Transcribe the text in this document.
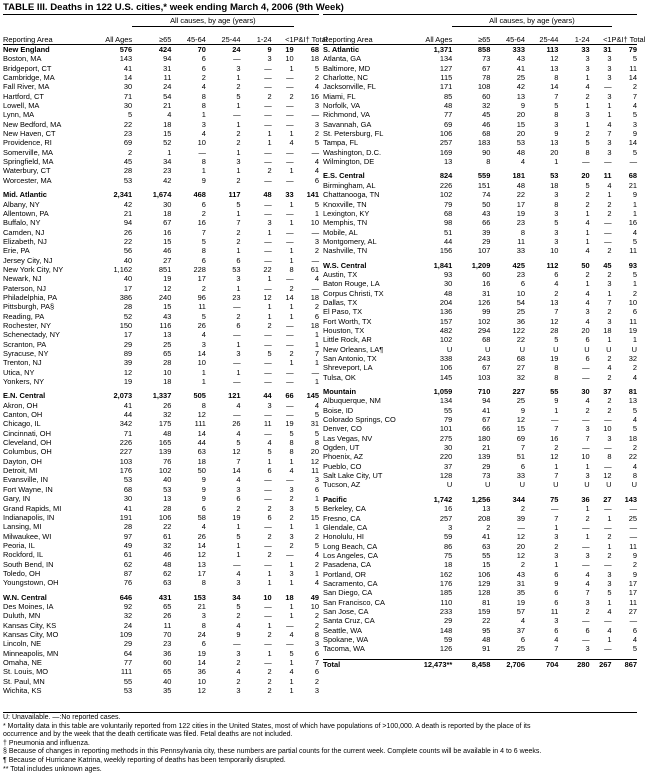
TABLE III. Deaths in 122 U.S. cities,* week ending March 4, 2006 (9th Week)
		All causes, by age (years)					
Reporting Area	All Ages	≥65	45-64	25-44	1-24	<1	P&I† Total
New England	576	424	70	24	9	19	68
Boston, MA	143	94	6	—	3	10	18
Bridgeport, CT	41	31	6	3	—	1	5
Cambridge, MA	14	11	2	1	—	—	2
Fall River, MA	30	24	4	2	—	—	4
Hartford, CT	71	54	8	5	2	2	16
Lowell, MA	30	21	8	1	—	—	3
Lynn, MA	5	4	1	—	—	—	—
New Bedford, MA	22	18	3	1	—	—	3
New Haven, CT	23	15	4	2	1	1	2
Providence, RI	69	52	10	2	1	4	5
Somerville, MA	2	1	—	1	—	—	—
Springfield, MA	45	34	8	3	—	—	4
Waterbury, CT	28	23	1	1	2	1	4
Worcester, MA	53	42	9	2	—	—	6

Mid. Atlantic	2,341	1,674	468	117	48	33	141
Albany, NY	42	30	6	5	—	1	5
Allentown, PA	21	18	2	1	—	—	1
Buffalo, NY	94	67	16	7	3	1	10
Camden, NJ	26	16	7	2	1	—	—
Elizabeth, NJ	22	15	5	2	—	—	3
Erie, PA	56	46	8	1	—	1	2
Jersey City, NJ	40	27	6	6	—	1	—
New York City, NY	1,162	851	228	53	22	8	61
Newark, NJ	40	19	17	3	1	—	4
Paterson, NJ	17	12	2	1	—	2	—
Philadelphia, PA	386	240	96	23	12	14	18
Pittsburgh, PA§	28	15	11	—	1	1	2
Reading, PA	52	43	5	2	1	1	6
Rochester, NY	150	116	26	6	2	—	18
Schenectady, NY	17	13	4	—	—	—	1
Scranton, PA	29	25	3	1	—	—	1
Syracuse, NY	89	65	14	3	5	2	7
Trenton, NJ	39	28	10	—	—	1	1
Utica, NY	12	10	1	1	—	—	—
Yonkers, NY	19	18	1	—	—	—	1

E.N. Central	2,073	1,337	505	121	44	66	145
Akron, OH	41	26	8	4	3	—	4
Canton, OH	44	32	12	—	—	—	5
Chicago, IL	342	175	111	26	11	19	31
Cincinnati, OH	71	48	14	4	—	5	5
Cleveland, OH	226	165	44	5	4	8	8
Columbus, OH	227	139	63	12	5	8	20
Dayton, OH	103	76	18	7	1	1	12
Detroit, MI	176	102	50	14	6	4	11
Evansville, IN	53	40	9	4	—	—	3
Fort Wayne, IN	68	53	9	3	—	3	6
Gary, IN	30	13	9	6	—	2	1
Grand Rapids, MI	41	28	6	2	2	3	5
Indianapolis, IN	191	106	58	19	6	2	15
Lansing, MI	28	22	4	1	—	1	1
Milwaukee, WI	97	61	26	5	2	3	2
Peoria, IL	49	32	14	1	—	2	5
Rockford, IL	61	46	12	1	2	—	4
South Bend, IN	62	48	13	—	—	1	2
Toledo, OH	87	62	17	4	1	3	1
Youngstown, OH	76	63	8	3	1	1	4

W.N. Central	646	431	153	34	10	18	49
Des Moines, IA	92	65	21	5	—	1	10
Duluth, MN	32	26	3	2	—	1	2
Kansas City, KS	24	11	8	4	1	—	2
Kansas City, MO	109	70	24	9	2	4	8
Lincoln, NE	29	23	6	—	—	—	3
Minneapolis, MN	64	36	19	3	1	5	6
Omaha, NE	77	60	14	2	—	1	7
St. Louis, MO	111	65	36	4	2	4	6
St. Paul, MN	55	40	10	2	2	1	2
Wichita, KS	53	35	12	3	2	1	3
		All causes, by age (years)					
Reporting Area	All Ages	≥65	45-64	25-44	1-24	<1	P&I† Total
S. Atlantic	1,371	858	333	113	33	31	79
Atlanta, GA	134	73	43	12	3	3	5
Baltimore, MD	127	67	41	13	3	3	11
Charlotte, NC	115	78	25	8	1	3	14
Jacksonville, FL	171	108	42	14	4	—	2
Miami, FL	85	60	13	7	2	3	7
Norfolk, VA	48	32	9	5	1	1	4
Richmond, VA	77	45	20	8	3	1	5
Savannah, GA	69	46	15	3	1	4	3
St. Petersburg, FL	106	68	20	9	2	7	9
Tampa, FL	257	183	53	13	5	3	14
Washington, D.C.	169	90	48	20	8	3	5
Wilmington, DE	13	8	4	1	—	—	—

E.S. Central	824	559	181	53	20	11	68
Birmingham, AL	226	151	48	18	5	4	21
Chattanooga, TN	102	74	22	3	2	1	9
Knoxville, TN	79	50	17	8	2	2	1
Lexington, KY	68	43	19	3	1	2	1
Memphis, TN	98	66	23	5	4	—	16
Mobile, AL	51	39	8	3	1	—	4
Montgomery, AL	44	29	11	3	1	—	5
Nashville, TN	156	107	33	10	4	2	11

W.S. Central	1,841	1,209	425	112	50	45	93
Austin, TX	93	60	23	6	2	2	5
Baton Rouge, LA	30	16	6	4	1	3	1
Corpus Christi, TX	48	31	10	2	4	1	2
Dallas, TX	204	126	54	13	4	7	10
El Paso, TX	136	99	25	7	3	2	6
Fort Worth, TX	157	102	36	12	4	3	11
Houston, TX	482	294	122	28	20	18	19
Little Rock, AR	102	68	22	5	6	1	1
New Orleans, LA¶	U	U	U	U	U	U	U
San Antonio, TX	338	243	68	19	6	2	32
Shreveport, LA	106	67	27	8	—	4	2
Tulsa, OK	145	103	32	8	—	2	4

Mountain	1,059	710	227	55	30	37	81
Albuquerque, NM	134	94	25	9	4	2	13
Boise, ID	55	41	9	1	2	2	5
Colorado Springs, CO	79	67	12	—	—	—	4
Denver, CO	101	66	15	7	3	10	5
Las Vegas, NV	275	180	69	16	7	3	18
Ogden, UT	30	21	7	2	—	—	2
Phoenix, AZ	220	139	51	12	10	8	22
Pueblo, CO	37	29	6	1	1	—	4
Salt Lake City, UT	128	73	33	7	3	12	8
Tucson, AZ	U	U	U	U	U	U	U

Pacific	1,742	1,256	344	75	36	27	143
Berkeley, CA	16	13	2	—	1	—	—
Fresno, CA	257	208	39	7	2	1	25
Glendale, CA	3	2	—	1	—	—	—
Honolulu, HI	59	41	12	3	1	2	—
Long Beach, CA	86	63	20	2	—	1	11
Los Angeles, CA	75	55	12	3	3	2	9
Pasadena, CA	18	15	2	1	—	—	2
Portland, OR	162	106	43	6	4	3	9
Sacramento, CA	176	129	31	9	4	3	17
San Diego, CA	185	128	35	6	7	5	17
San Francisco, CA	110	81	19	6	3	1	11
San Jose, CA	233	159	57	11	2	4	27
Santa Cruz, CA	29	22	4	3	—	—	—
Seattle, WA	148	95	37	6	6	4	6
Spokane, WA	59	48	6	4	—	1	4
Tacoma, WA	126	91	25	7	3	—	5

Total	12,473**	8,458	2,706	704	280	267	867
U: Unavailable. —:No reported cases.
* Mortality data in this table are voluntarily reported from 122 cities in the United States, most of which have populations of >100,000. A death is reported by the place of its
occurrence and by the week that the death certificate was filed. Fetal deaths are not included.
† Pneumonia and influenza.
§ Because of changes in reporting methods in this Pennsylvania city, these numbers are partial counts for the current week. Complete counts will be available in 4 to 6 weeks.
¶ Because of Hurricane Katrina, weekly reporting of deaths has been temporarily disrupted.
** Total includes unknown ages.
